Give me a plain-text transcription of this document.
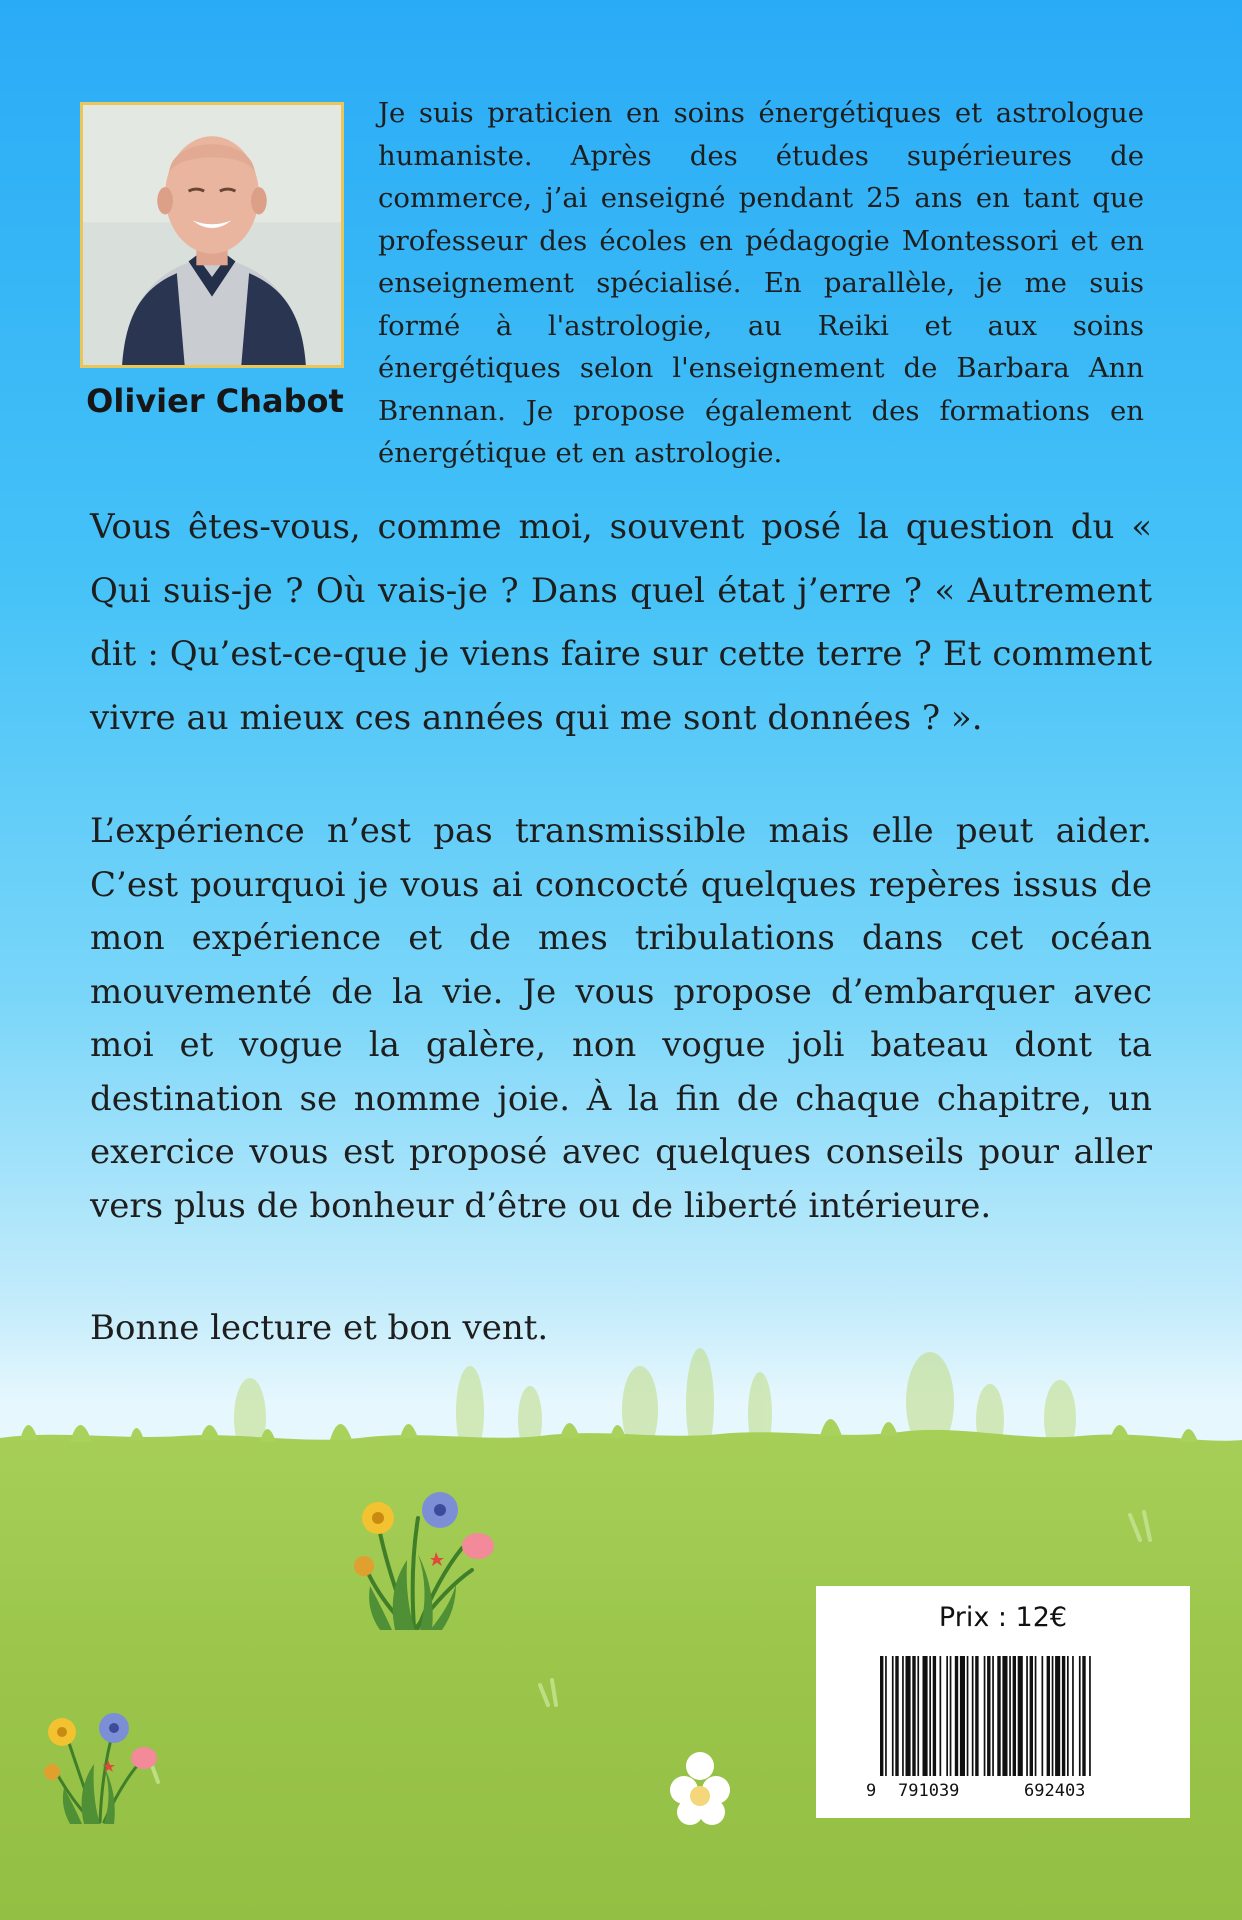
Olivier Chabot

Je suis praticien en soins énergétiques et astrologue humaniste. Après des études supérieures de commerce, j’ai enseigné pendant 25 ans en tant que professeur des écoles en pédagogie Montessori et en enseignement spécialisé. En parallèle, je me suis formé à l'astrologie, au Reiki et aux soins énergétiques selon l'enseignement de Barbara Ann Brennan. Je propose également des formations en énergétique et en astrologie.

Vous êtes-vous, comme moi, souvent posé la question du « Qui suis-je ? Où vais-je ? Dans quel état j’erre ? « Autrement dit : Qu’est-ce-que je viens faire sur cette terre ? Et comment vivre au mieux ces années qui me sont données ? ».

L’expérience n’est pas transmissible mais elle peut aider. C’est pourquoi je vous ai concocté quelques repères issus de mon expérience et de mes tribulations dans cet océan mouvementé de la vie. Je vous propose d’embarquer avec moi et vogue la galère, non vogue joli bateau dont ta destination se nomme joie. À la fin de chaque chapitre, un exercice vous est proposé avec quelques conseils pour aller vers plus de bonheur d’être ou de liberté intérieure.

Bonne lecture et bon vent.

Prix : 12€
9 791039	692403
